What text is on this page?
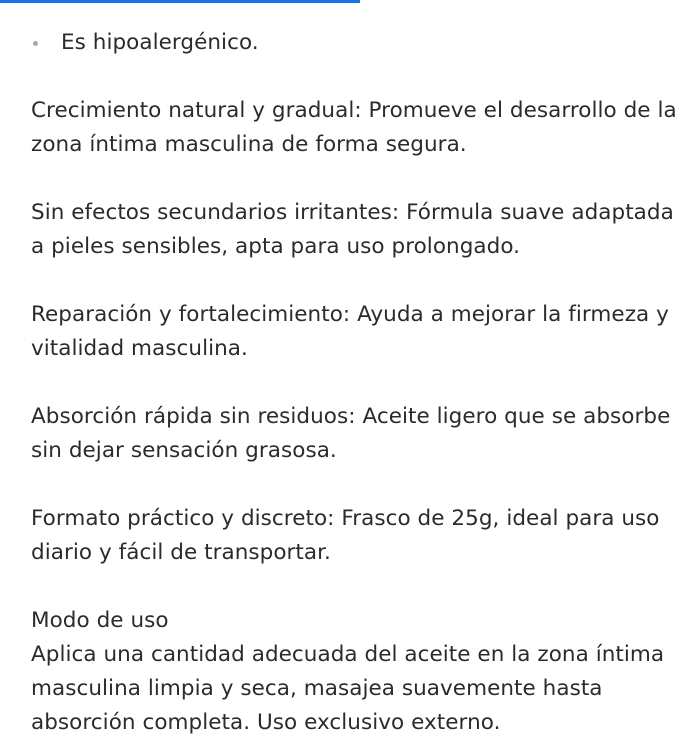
Es hipoalergénico.

Crecimiento natural y gradual: Promueve el desarrollo de la zona íntima masculina de forma segura.

Sin efectos secundarios irritantes: Fórmula suave adaptada a pieles sensibles, apta para uso prolongado.

Reparación y fortalecimiento: Ayuda a mejorar la firmeza y vitalidad masculina.

Absorción rápida sin residuos: Aceite ligero que se absorbe sin dejar sensación grasosa.

Formato práctico y discreto: Frasco de 25g, ideal para uso diario y fácil de transportar.

Modo de uso
Aplica una cantidad adecuada del aceite en la zona íntima masculina limpia y seca, masajea suavemente hasta absorción completa. Uso exclusivo externo.
